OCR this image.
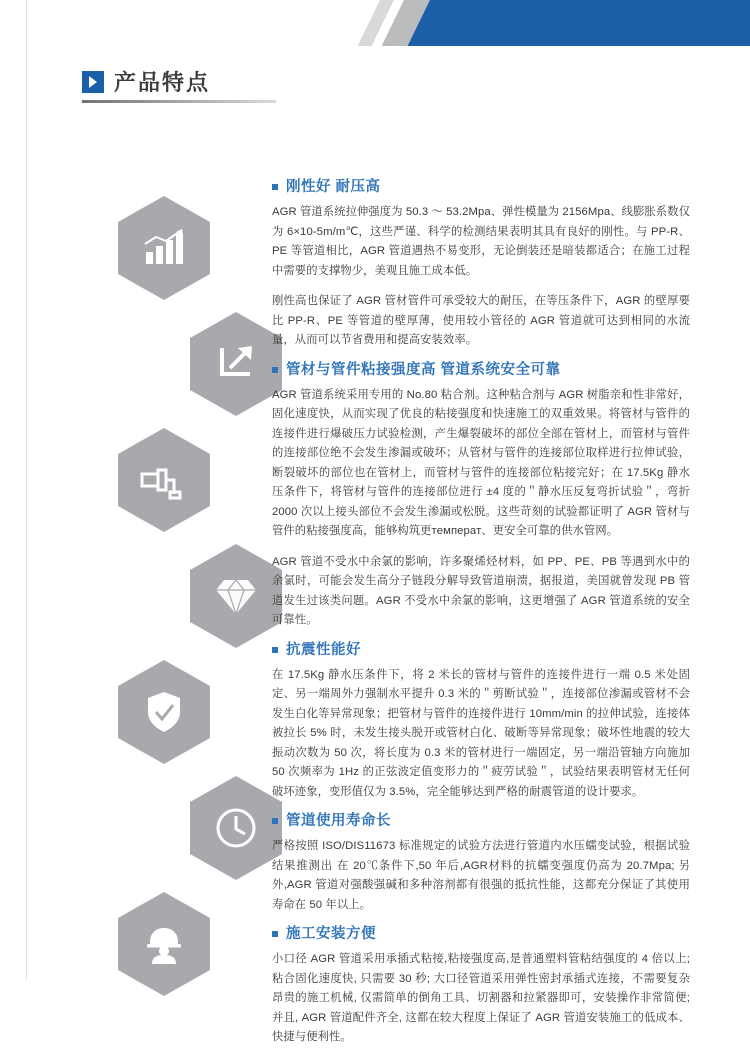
产品特点
刚性好 耐压高

AGR 管道系统拉伸强度为 50.3 ～ 53.2Mpa、弹性模量为 2156Mpa、线膨胀系数仅为 6×10-5m/m℃，这些严谨、科学的检测结果表明其具有良好的刚性。与 PP-R、PE 等管道相比，AGR 管道遇热不易变形，无论倒装还是暗装都适合；在施工过程中需要的支撑物少，美观且施工成本低。

刚性高也保证了 AGR 管材管件可承受较大的耐压，在等压条件下，AGR 的壁厚要比 PP-R、PE 等管道的壁厚薄，使用较小管径的 AGR 管道就可达到相同的水流量，从而可以节省费用和提高安装效率。

管材与管件粘接强度高 管道系统安全可靠

AGR 管道系统采用专用的 No.80 粘合剂。这种粘合剂与 AGR 树脂亲和性非常好，固化速度快，从而实现了优良的粘接强度和快速施工的双重效果。将管材与管件的连接件进行爆破压力试验检测，产生爆裂破坏的部位全部在管材上，而管材与管件的连接部位绝不会发生渗漏或破坏；从管材与管件的连接部位取样进行拉伸试验，断裂破坏的部位也在管材上，而管材与管件的连接部位粘接完好；在 17.5Kg 静水压条件下，将管材与管件的连接部位进行 ±4 度的＂静水压反复弯折试验＂，弯折 2000 次以上接头部位不会发生渗漏或松脱。这些苛刻的试验都证明了 AGR 管材与管件的粘接强度高，能够构筑更температ、更安全可靠的供水管网。

AGR 管道不受水中余氯的影响，许多聚烯烃材料，如 PP、PE、PB 等遇到水中的余氯时，可能会发生高分子链段分解导致管道崩溃，据报道，美国就曾发现 PB 管道发生过该类问题。AGR 不受水中余氯的影响，这更增强了 AGR 管道系统的安全可靠性。

抗震性能好

在 17.5Kg 静水压条件下，将 2 米长的管材与管件的连接件进行一端 0.5 米处固定、另一端周外力强制水平提升 0.3 米的＂剪断试验＂，连接部位渗漏或管材不会发生白化等异常现象；把管材与管件的连接件进行 10mm/min 的拉伸试验，连接体被拉长 5% 时，未发生接头脱开或管材白化、破断等异常现象；破坏性地震的较大振动次数为 50 次，将长度为 0.3 米的管材进行一端固定，另一端沿管轴方向施加 50 次频率为 1Hz 的正弦波定值变形力的＂疲劳试验＂，试验结果表明管材无任何破坏迹象，变形值仅为 3.5%，完全能够达到严格的耐震管道的设计要求。

管道使用寿命长

严格按照 ISO/DIS11673 标准规定的试验方法进行管道内水压蠕变试验，根据试验结果推测出 在 20℃条件下,50 年后,AGR材料的抗蠕变强度仍高为 20.7Mpa; 另外,AGR 管道对强酸强碱和多种溶剂都有很强的抵抗性能，这都充分保证了其使用寿命在 50 年以上。

施工安装方便

小口径 AGR 管道采用承插式粘接,粘接强度高,是普通塑料管粘结强度的 4 倍以上; 粘合固化速度快, 只需要 30 秒; 大口径管道采用弹性密封承插式连接，不需要复杂昂贵的施工机械, 仅需简单的倒角工具、切割器和拉紧器即可，安装操作非常简便; 并且, AGR 管道配件齐全, 这都在较大程度上保证了 AGR 管道安装施工的低成本、快捷与便利性。
